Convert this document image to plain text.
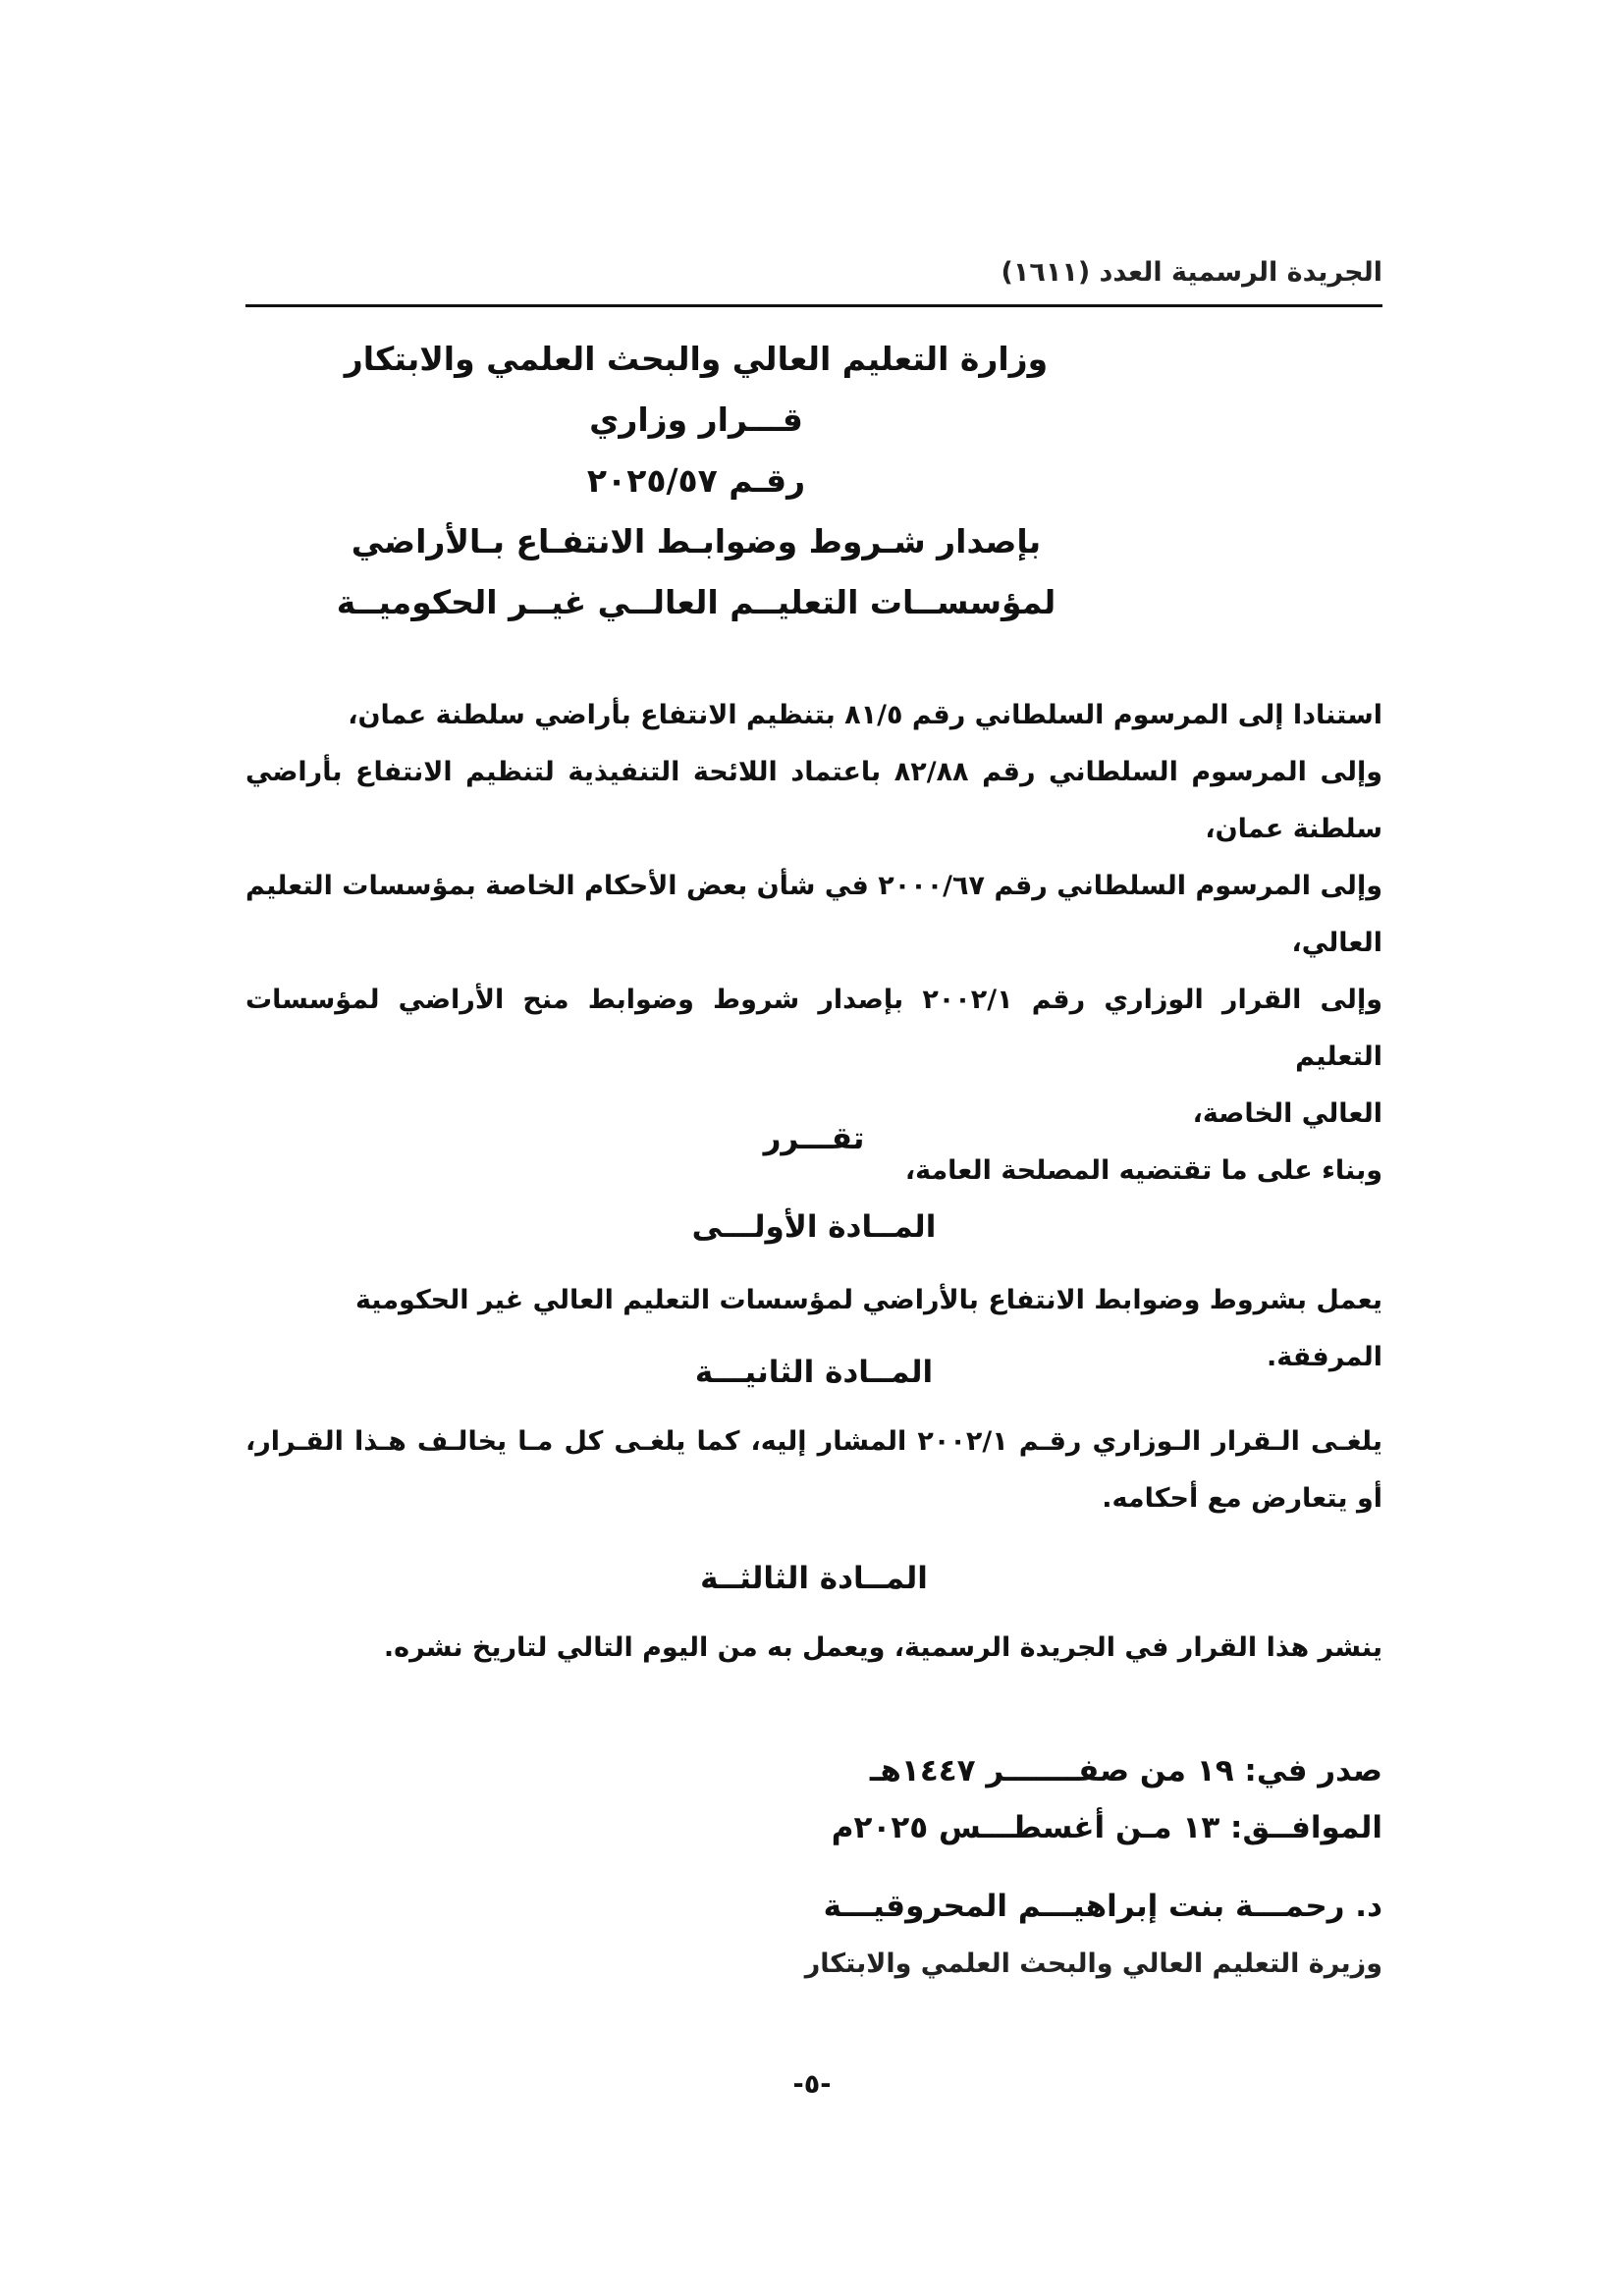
الجريدة الرسمية العدد (١٦١١)
وزارة التعليم العالي والبحث العلمي والابتكار
قـــرار وزاري
رقـم ٢٠٢٥/٥٧
بإصدار شـروط وضوابـط الانتفـاع بـالأراضي
لمؤسســات التعليــم العالــي غيــر الحكوميــة

استنادا إلى المرسوم السلطاني رقم ٨١/٥ بتنظيم الانتفاع بأراضي سلطنة عمان،

وإلى المرسوم السلطاني رقم ٨٢/٨٨ باعتماد اللائحة التنفيذية لتنظيم الانتفاع بأراضي

سلطنة عمان،

وإلى المرسوم السلطاني رقم ٢٠٠٠/٦٧ في شأن بعض الأحكام الخاصة بمؤسسات التعليم العالي،

وإلى القرار الوزاري رقم ٢٠٠٢/١ بإصدار شروط وضوابط منح الأراضي لمؤسسات التعليم

العالي الخاصة،

وبناء على ما تقتضيه المصلحة العامة،

تقـــرر
المــادة الأولـــى
يعمل بشروط وضوابط الانتفاع بالأراضي لمؤسسات التعليم العالي غير الحكومية المرفقة.
المــادة الثانيـــة
يلغـى الـقرار الـوزاري رقـم ٢٠٠٢/١ المشار إليه، كما يلغـى كل مـا يخالـف هـذا القـرار،
أو يتعارض مع أحكامه.
المــادة الثالثــة
ينشر هذا القرار في الجريدة الرسمية، ويعمل به من اليوم التالي لتاريخ نشره.
صدر في: ١٩ من صفـــــــر ١٤٤٧هـ
الموافــق: ١٣ مـن أغسطـــس ٢٠٢٥م
د. رحمـــة بنت إبراهيـــم المحروقيـــة
وزيرة التعليم العالي والبحث العلمي والابتكار
-٥-
